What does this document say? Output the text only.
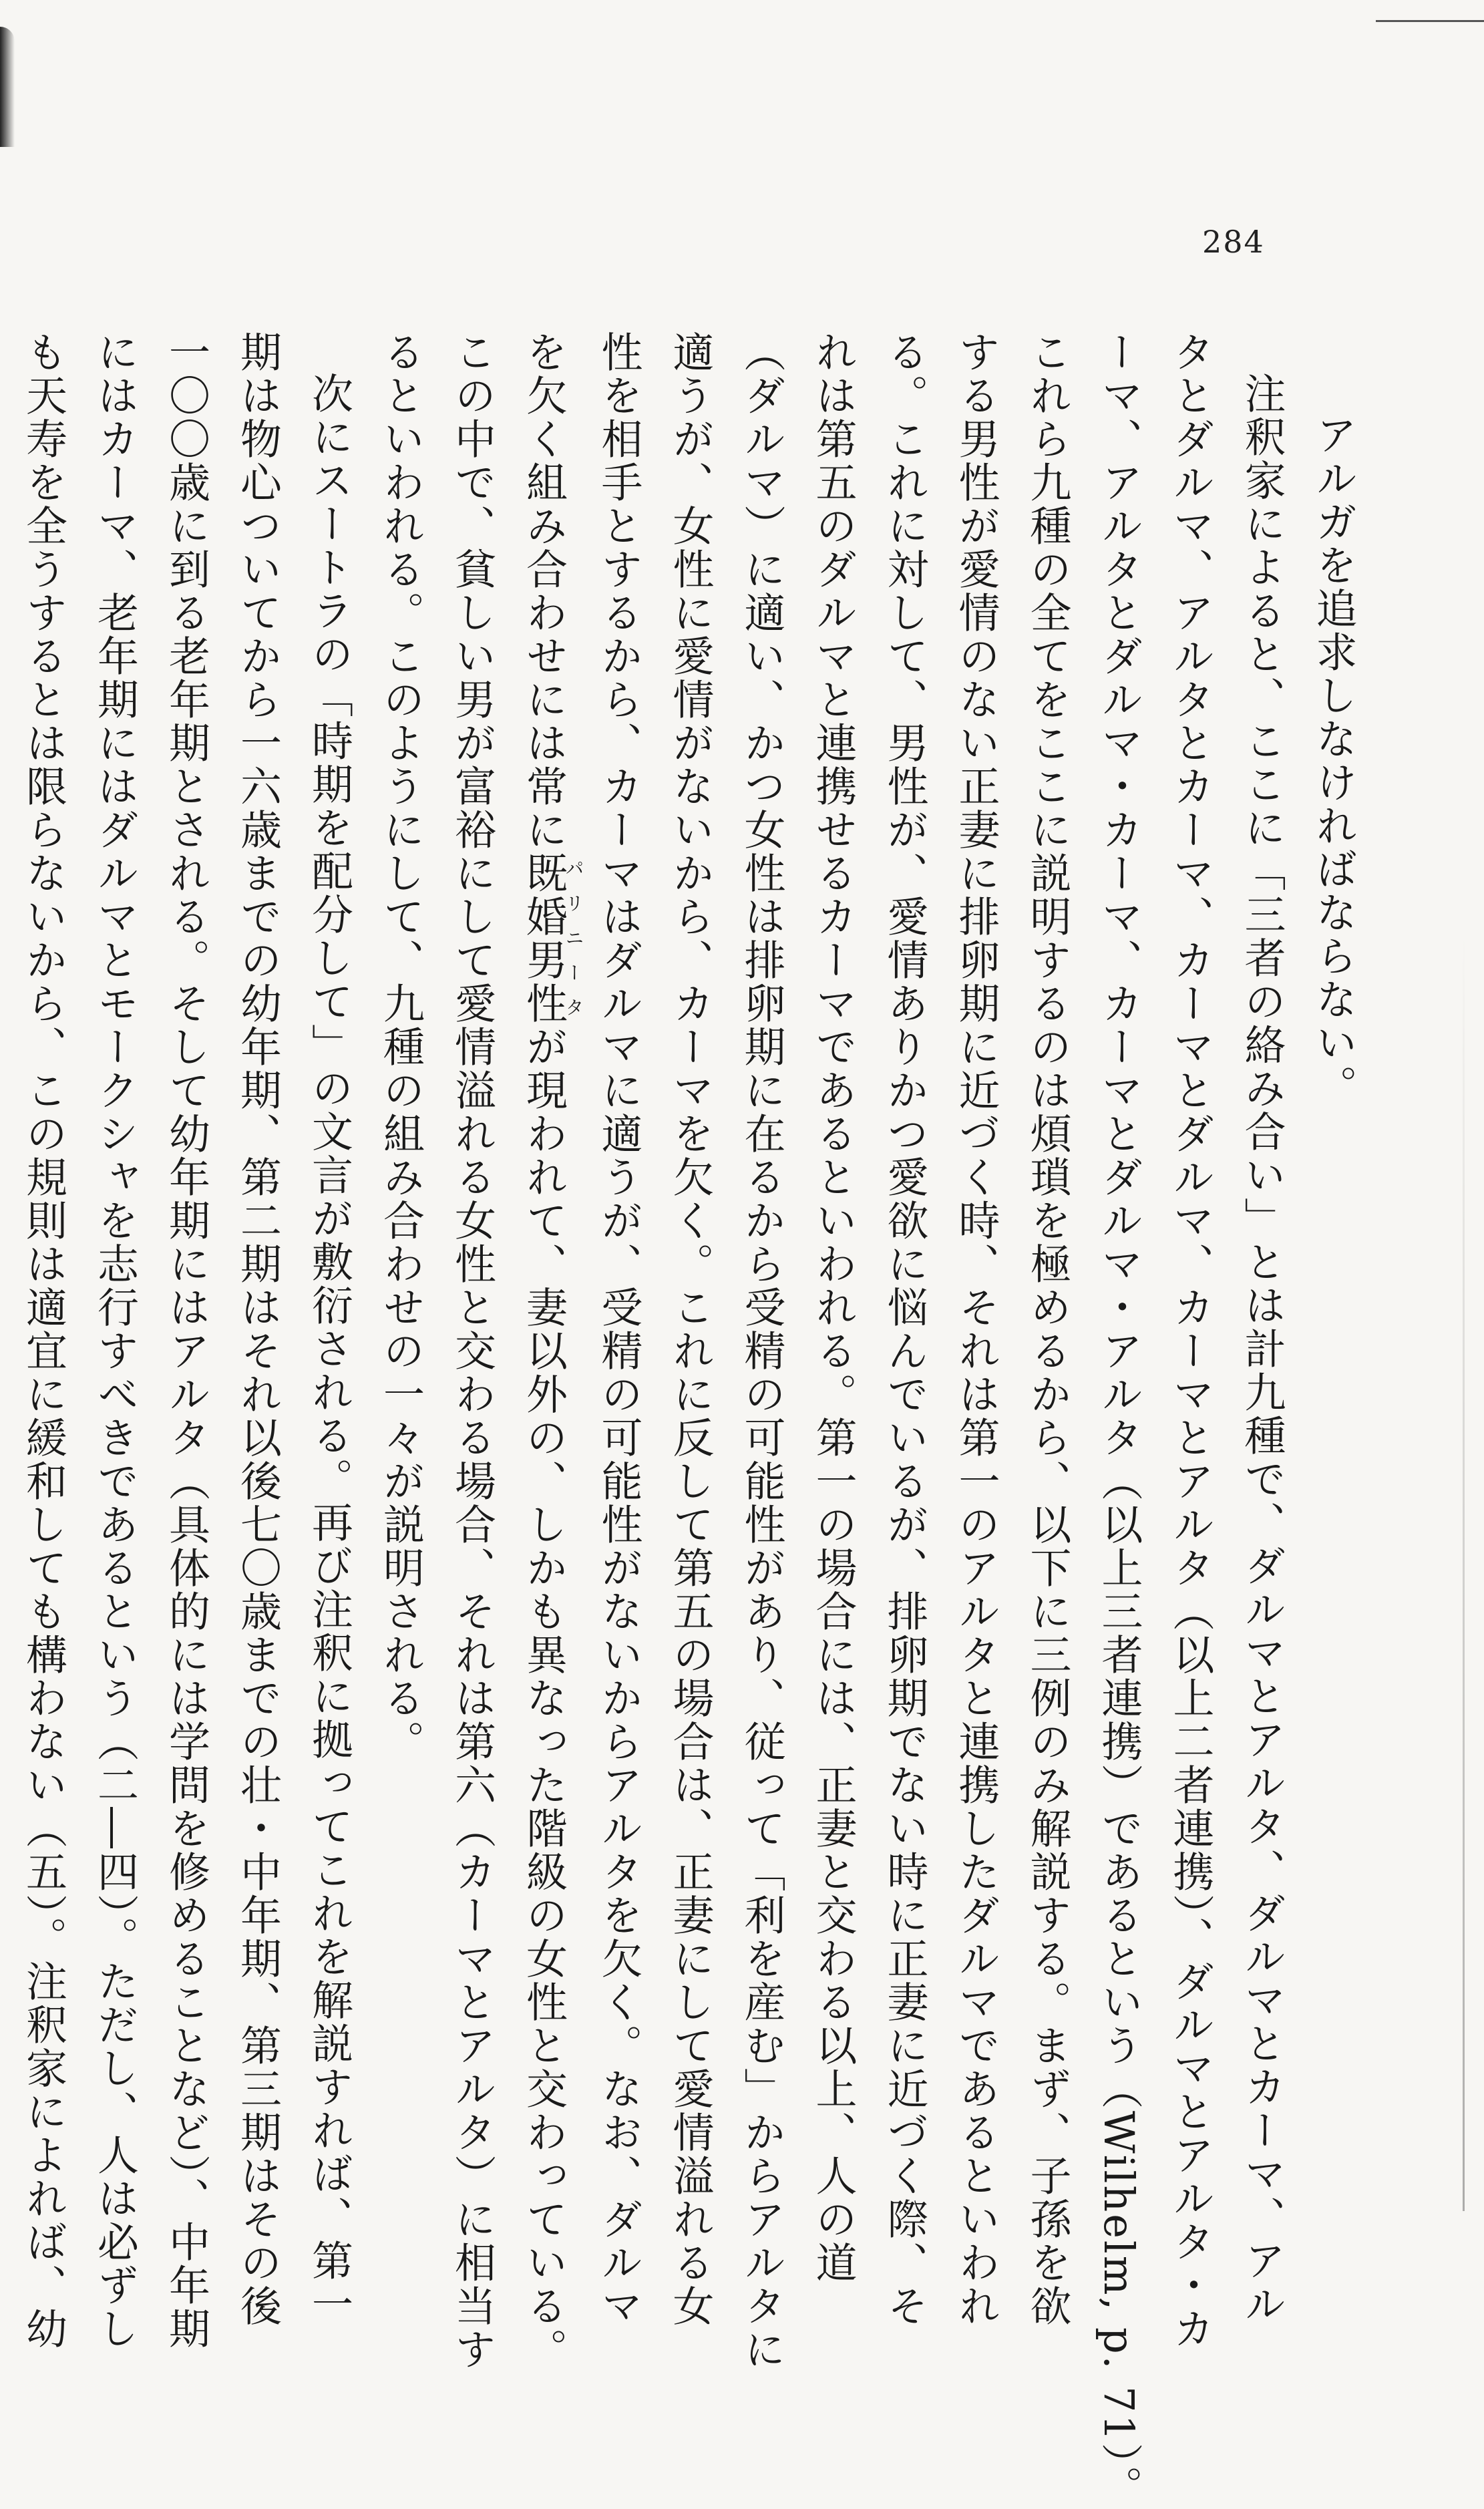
284
アルガを追求しなければならない。
注釈家によると、ここに「三者の絡み合い」とは計九種で、ダルマとアルタ、ダルマとカーマ、アル
タとダルマ、アルタとカーマ、カーマとダルマ、カーマとアルタ（以上二者連携）、ダルマとアルタ・カ
ーマ、アルタとダルマ・カーマ、カーマとダルマ・アルタ（以上三者連携）であるという（Wilhelm, p. 71）。
これら九種の全てをここに説明するのは煩瑣を極めるから、以下に三例のみ解説する。まず、子孫を欲
する男性が愛情のない正妻に排卵期に近づく時、それは第一のアルタと連携したダルマであるといわれ
る。これに対して、男性が、愛情ありかつ愛欲に悩んでいるが、排卵期でない時に正妻に近づく際、そ
れは第五のダルマと連携せるカーマであるといわれる。第一の場合には、正妻と交わる以上、人の道
（ダルマ）に適い、かつ女性は排卵期に在るから受精の可能性があり、従って「利を産む」からアルタに
適うが、女性に愛情がないから、カーマを欠く。これに反して第五の場合は、正妻にして愛情溢れる女
性を相手とするから、カーマはダルマに適うが、受精の可能性がないからアルタを欠く。なお、ダルマ
を欠く組み合わせには常に既婚男性パリニータが現われて、妻以外の、しかも異なった階級の女性と交わっている。
この中で、貧しい男が富裕にして愛情溢れる女性と交わる場合、それは第六（カーマとアルタ）に相当す
るといわれる。このようにして、九種の組み合わせの一々が説明される。
次にスートラの「時期を配分して」の文言が敷衍される。再び注釈に拠ってこれを解説すれば、第一
期は物心ついてから一六歳までの幼年期、第二期はそれ以後七〇歳までの壮・中年期、第三期はその後
一〇〇歳に到る老年期とされる。そして幼年期にはアルタ（具体的には学問を修めることなど）、中年期
にはカーマ、老年期にはダルマとモークシャを志行すべきであるという（二―四）。ただし、人は必ずし
も天寿を全うするとは限らないから、この規則は適宜に緩和しても構わない（五）。注釈家によれば、幼
